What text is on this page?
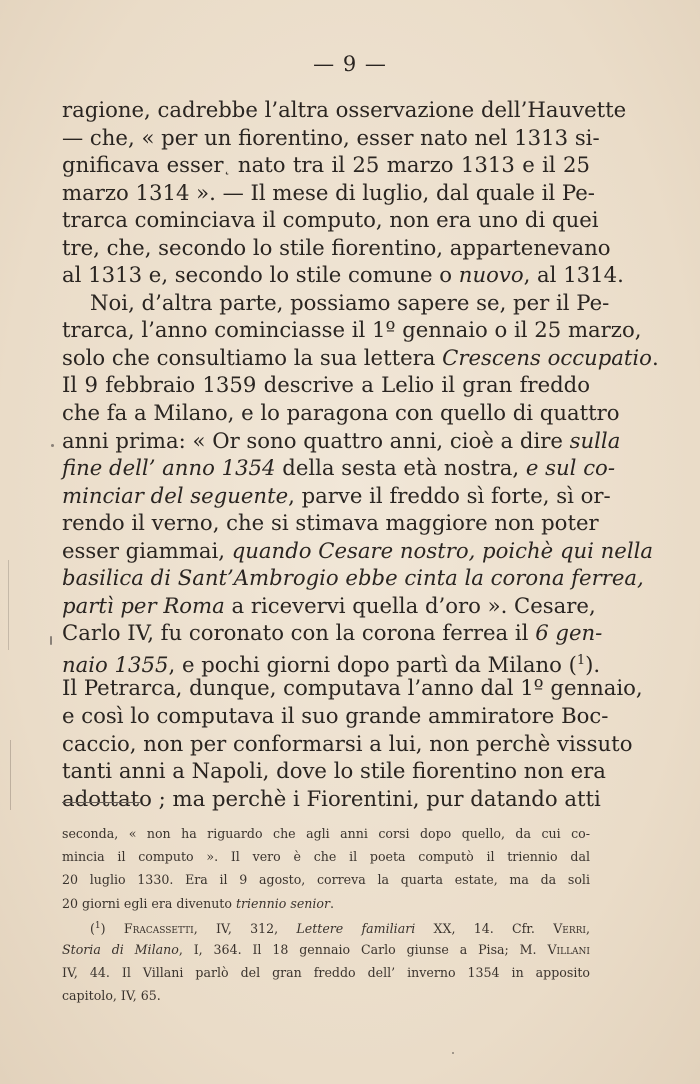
— 9 —
ragione, cadrebbe l’altra osservazione dell’Hauvette
— che, « per un fiorentino, esser nato nel 1313 si-
gnificava esser˛ nato tra il 25 marzo 1313 e il 25
marzo 1314 ». — Il mese di luglio, dal quale il Pe-
trarca cominciava il computo, non era uno di quei
tre, che, secondo lo stile fiorentino, appartenevano
al 1313 e, secondo lo stile comune o nuovo, al 1314.
Noi, d’altra parte, possiamo sapere se, per il Pe-
trarca, l’anno cominciasse il 1º gennaio o il 25 marzo,
solo che consultiamo la sua lettera Crescens occupatio.
Il 9 febbraio 1359 descrive a Lelio il gran freddo
che fa a Milano, e lo paragona con quello di quattro
anni prima: « Or sono quattro anni, cioè a dire sulla
fine dell’ anno 1354 della sesta età nostra, e sul co-
minciar del seguente, parve il freddo sì forte, sì or-
rendo il verno, che si stimava maggiore non poter
esser giammai, quando Cesare nostro, poichè qui nella
basilica di Sant’Ambrogio ebbe cinta la corona ferrea,
partì per Roma a ricevervi quella d’oro ». Cesare,
Carlo IV, fu coronato con la corona ferrea il 6 gen-
naio 1355, e pochi giorni dopo partì da Milano ($^1$).
Il Petrarca, dunque, computava l’anno dal 1º gennaio,
e così lo computava il suo grande ammiratore Boc-
caccio, non per conformarsi a lui, non perchè vissuto
tanti anni a Napoli, dove lo stile fiorentino non era
adottato ; ma perchè i Fiorentini, pur datando atti
seconda, « non ha riguardo che agli anni corsi dopo quello, da cui co-
mincia il computo ». Il vero è che il poeta computò il triennio dal
20 luglio 1330. Era il 9 agosto, correva la quarta estate, ma da soli
20 giorni egli era divenuto triennio senior.
($^1$) Fracassetti, IV, 312, Lettere familiari XX, 14. Cfr. Verri,
Storia di Milano, I, 364. Il 18 gennaio Carlo giunse a Pisa; M. Villani
IV, 44. Il Villani parlò del gran freddo dell’ inverno 1354 in apposito
capitolo, IV, 65.
